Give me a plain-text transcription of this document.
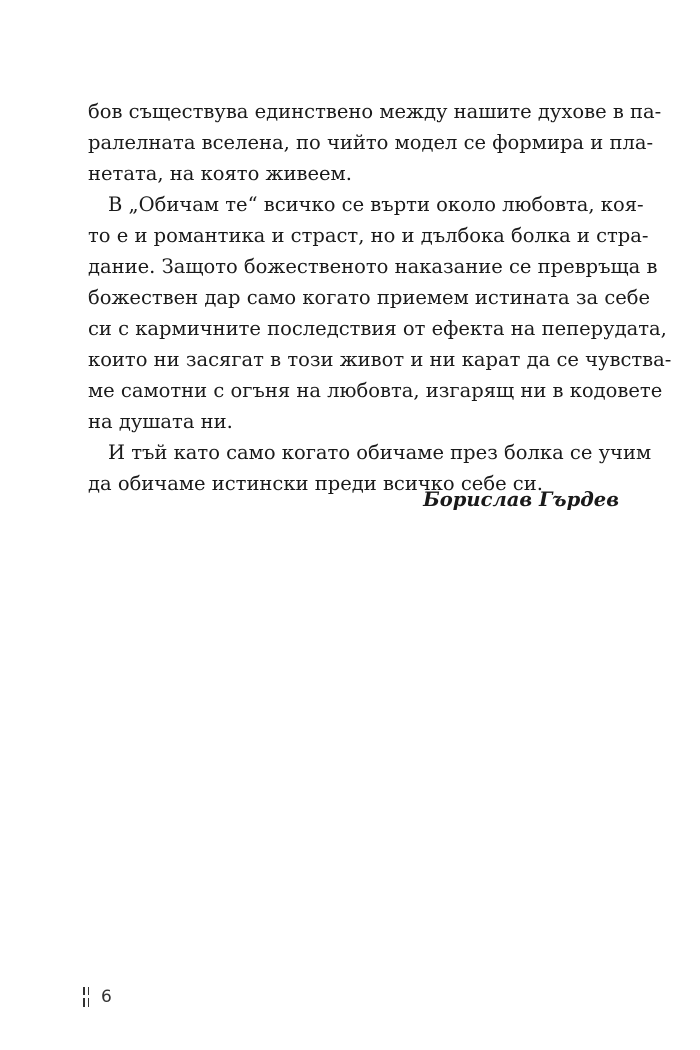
бов съществува единствено между нашите духове в па-
ралелната вселена, по чийто модел се формира и пла-
нетата, на която живеем.
В „Обичам те“ всичко се върти около любовта, коя-
то е и романтика и страст, но и дълбока болка и стра-
дание. Защото божественото наказание се превръща в
божествен дар само когато приемем истината за себе
си с кармичните последствия от ефекта на пеперудата,
които ни засягат в този живот и ни карат да се чувства-
ме самотни с огъня на любовта, изгарящ ни в кодовете
на душата ни.
И тъй като само когато обичаме през болка се учим
да обичаме истински преди всичко себе си.
Борислав Гърдев
6
